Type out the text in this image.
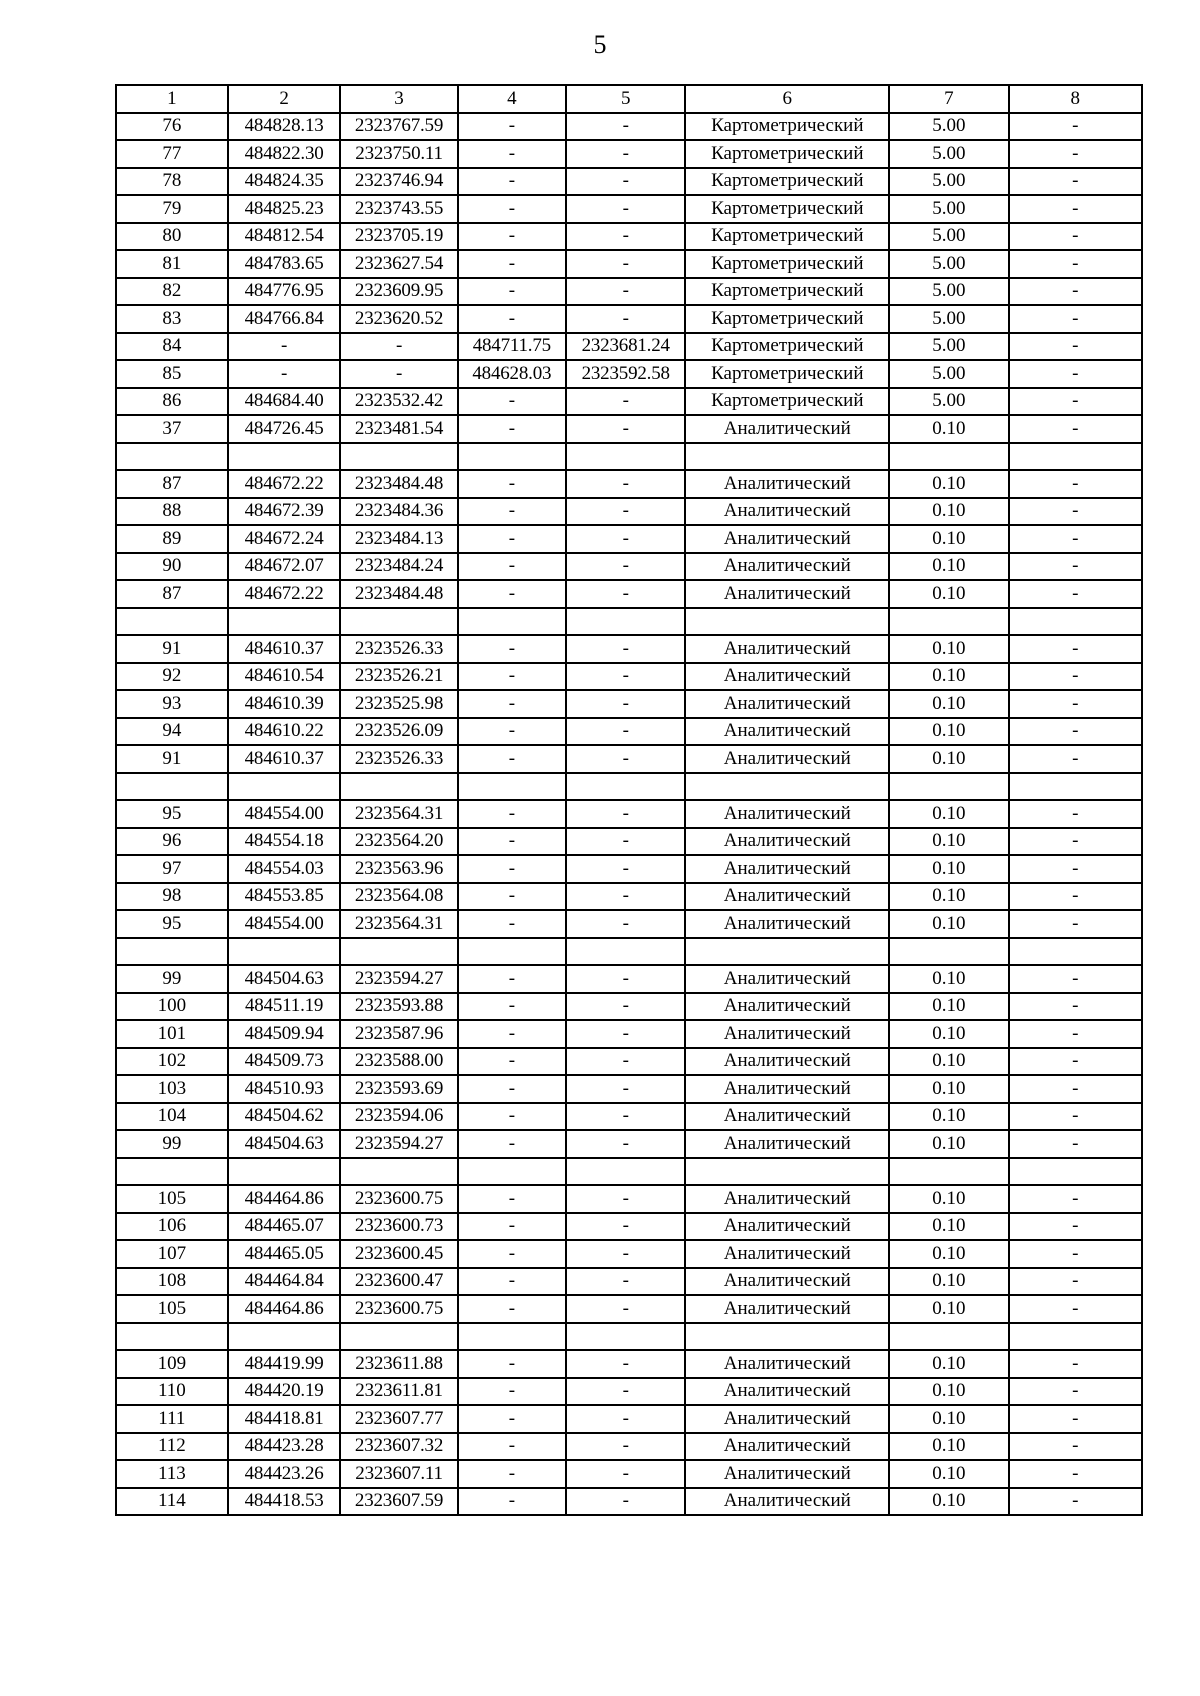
5
1	2	3	4	5	6	7	8
76	484828.13	2323767.59	-	-	Картометрический	5.00	-
77	484822.30	2323750.11	-	-	Картометрический	5.00	-
78	484824.35	2323746.94	-	-	Картометрический	5.00	-
79	484825.23	2323743.55	-	-	Картометрический	5.00	-
80	484812.54	2323705.19	-	-	Картометрический	5.00	-
81	484783.65	2323627.54	-	-	Картометрический	5.00	-
82	484776.95	2323609.95	-	-	Картометрический	5.00	-
83	484766.84	2323620.52	-	-	Картометрический	5.00	-
84	-	-	484711.75	2323681.24	Картометрический	5.00	-
85	-	-	484628.03	2323592.58	Картометрический	5.00	-
86	484684.40	2323532.42	-	-	Картометрический	5.00	-
37	484726.45	2323481.54	-	-	Аналитический	0.10	-

87	484672.22	2323484.48	-	-	Аналитический	0.10	-
88	484672.39	2323484.36	-	-	Аналитический	0.10	-
89	484672.24	2323484.13	-	-	Аналитический	0.10	-
90	484672.07	2323484.24	-	-	Аналитический	0.10	-
87	484672.22	2323484.48	-	-	Аналитический	0.10	-

91	484610.37	2323526.33	-	-	Аналитический	0.10	-
92	484610.54	2323526.21	-	-	Аналитический	0.10	-
93	484610.39	2323525.98	-	-	Аналитический	0.10	-
94	484610.22	2323526.09	-	-	Аналитический	0.10	-
91	484610.37	2323526.33	-	-	Аналитический	0.10	-

95	484554.00	2323564.31	-	-	Аналитический	0.10	-
96	484554.18	2323564.20	-	-	Аналитический	0.10	-
97	484554.03	2323563.96	-	-	Аналитический	0.10	-
98	484553.85	2323564.08	-	-	Аналитический	0.10	-
95	484554.00	2323564.31	-	-	Аналитический	0.10	-

99	484504.63	2323594.27	-	-	Аналитический	0.10	-
100	484511.19	2323593.88	-	-	Аналитический	0.10	-
101	484509.94	2323587.96	-	-	Аналитический	0.10	-
102	484509.73	2323588.00	-	-	Аналитический	0.10	-
103	484510.93	2323593.69	-	-	Аналитический	0.10	-
104	484504.62	2323594.06	-	-	Аналитический	0.10	-
99	484504.63	2323594.27	-	-	Аналитический	0.10	-

105	484464.86	2323600.75	-	-	Аналитический	0.10	-
106	484465.07	2323600.73	-	-	Аналитический	0.10	-
107	484465.05	2323600.45	-	-	Аналитический	0.10	-
108	484464.84	2323600.47	-	-	Аналитический	0.10	-
105	484464.86	2323600.75	-	-	Аналитический	0.10	-

109	484419.99	2323611.88	-	-	Аналитический	0.10	-
110	484420.19	2323611.81	-	-	Аналитический	0.10	-
111	484418.81	2323607.77	-	-	Аналитический	0.10	-
112	484423.28	2323607.32	-	-	Аналитический	0.10	-
113	484423.26	2323607.11	-	-	Аналитический	0.10	-
114	484418.53	2323607.59	-	-	Аналитический	0.10	-
